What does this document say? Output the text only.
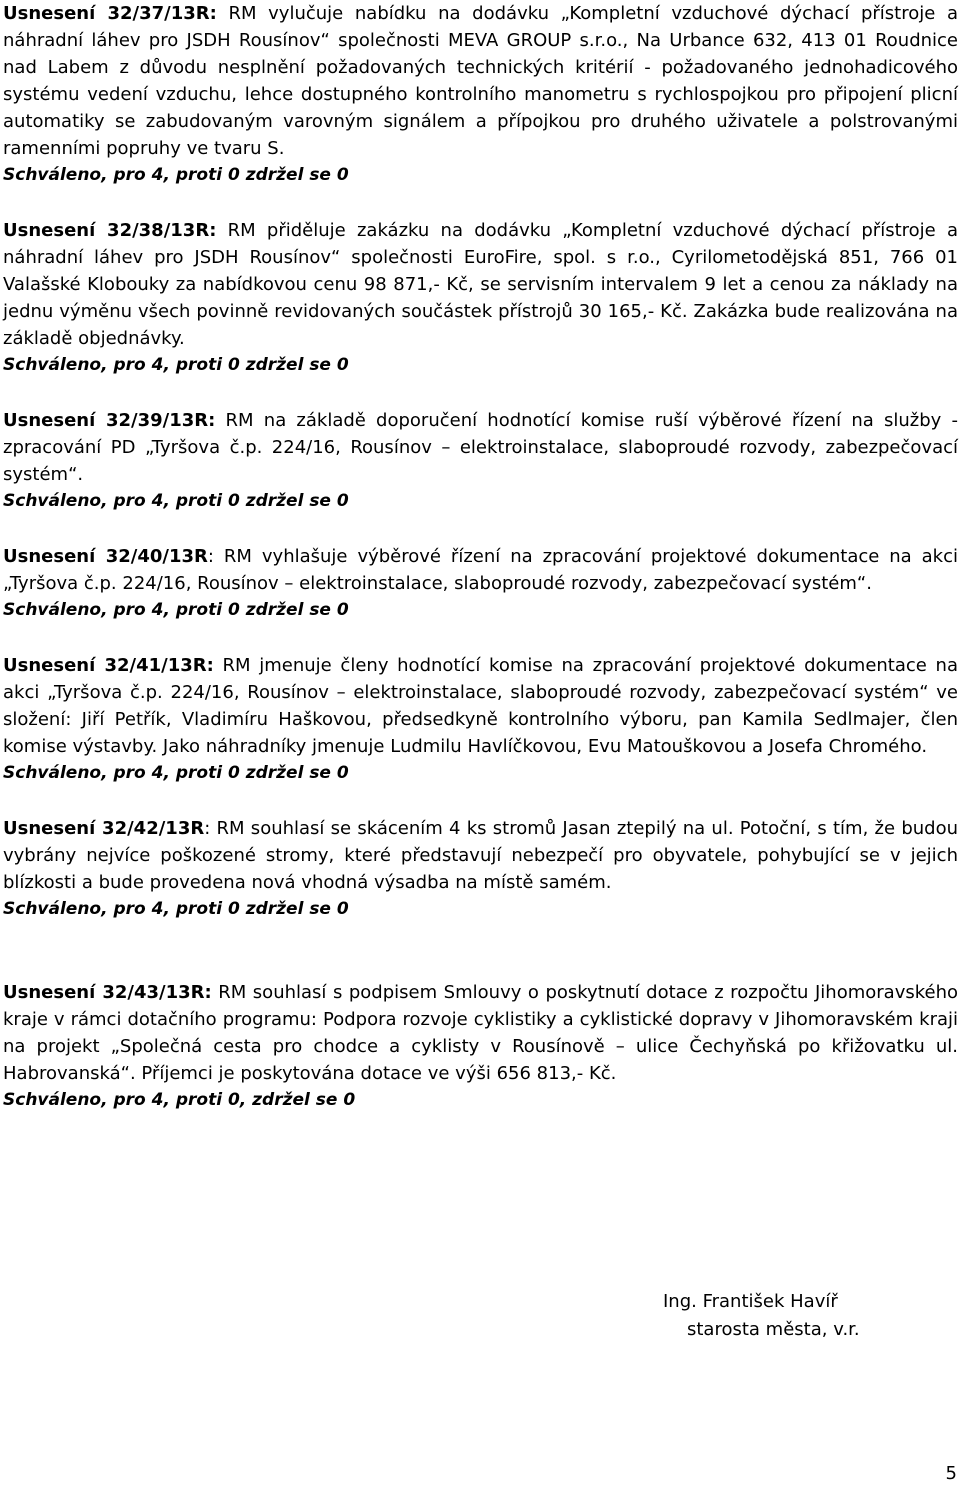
Usnesení 32/37/13R: RM vylučuje nabídku na dodávku „Kompletní vzduchové dýchací přístroje a náhradní láhev pro JSDH Rousínov“ společnosti MEVA GROUP s.r.o., Na Urbance 632, 413 01 Roudnice nad Labem z důvodu nesplnění požadovaných technických kritérií - požadovaného jednohadicového systému vedení vzduchu, lehce dostupného kontrolního manometru s rychlospojkou pro připojení plicní automatiky se zabudovaným varovným signálem a přípojkou pro druhého uživatele a polstrovanými ramenními popruhy ve tvaru S.

Schváleno, pro 4, proti 0 zdržel se 0

Usnesení 32/38/13R: RM přiděluje zakázku na dodávku „Kompletní vzduchové dýchací přístroje a náhradní láhev pro JSDH Rousínov“ společnosti EuroFire, spol. s r.o., Cyrilometodějská 851, 766 01 Valašské Klobouky za nabídkovou cenu 98 871,- Kč, se servisním intervalem 9 let a cenou za náklady na jednu výměnu všech povinně revidovaných součástek přístrojů 30 165,- Kč. Zakázka bude realizována na základě objednávky.

Schváleno, pro 4, proti 0 zdržel se 0

Usnesení 32/39/13R: RM na základě doporučení hodnotící komise ruší výběrové řízení na služby - zpracování PD „Tyršova č.p. 224/16, Rousínov – elektroinstalace, slaboproudé rozvody, zabezpečovací systém“.

Schváleno, pro 4, proti 0 zdržel se 0

Usnesení 32/40/13R: RM vyhlašuje výběrové řízení na zpracování projektové dokumentace na akci „Tyršova č.p. 224/16, Rousínov – elektroinstalace, slaboproudé rozvody, zabezpečovací systém“.

Schváleno, pro 4, proti 0 zdržel se 0

Usnesení 32/41/13R: RM jmenuje členy hodnotící komise na zpracování projektové dokumentace na akci „Tyršova č.p. 224/16, Rousínov – elektroinstalace, slaboproudé rozvody, zabezpečovací systém“ ve složení: Jiří Petřík, Vladimíru Haškovou, předsedkyně kontrolního výboru, pan Kamila Sedlmajer, člen komise výstavby. Jako náhradníky jmenuje Ludmilu Havlíčkovou, Evu Matouškovou a Josefa Chromého.

Schváleno, pro 4, proti 0 zdržel se 0

Usnesení 32/42/13R: RM souhlasí se skácením 4 ks stromů Jasan ztepilý na ul. Potoční, s tím, že budou vybrány nejvíce poškozené stromy, které představují nebezpečí pro obyvatele, pohybující se v jejich blízkosti a bude provedena nová vhodná výsadba na místě samém.

Schváleno, pro 4, proti 0 zdržel se 0

Usnesení 32/43/13R: RM souhlasí s podpisem Smlouvy o poskytnutí dotace z rozpočtu Jihomoravského kraje v rámci dotačního programu: Podpora rozvoje cyklistiky a cyklistické dopravy v Jihomoravském kraji na projekt „Společná cesta pro chodce a cyklisty v Rousínově – ulice Čechyňská po křižovatku ul. Habrovanská“. Příjemci je poskytována dotace ve výši 656 813,- Kč.

Schváleno, pro 4, proti 0, zdržel se 0

Ing. František Havíř
starosta města, v.r.
5
